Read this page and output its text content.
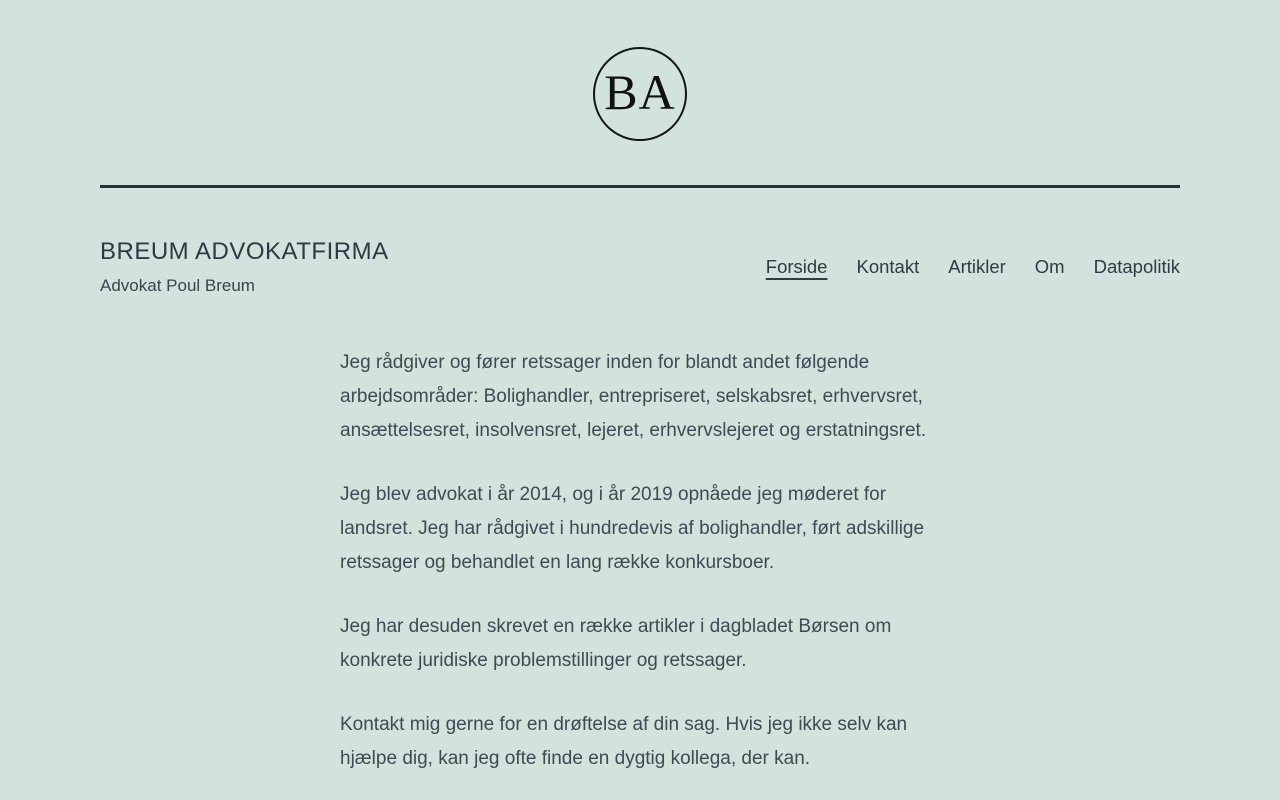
BA
BREUM ADVOKATFIRMA
Advokat Poul Breum
Forside Kontakt Artikler Om Datapolitik

Jeg rådgiver og fører retssager inden for blandt andet følgende arbejdsområder: Bolighandler, entrepriseret, selskabsret, erhvervsret, ansættelsesret, insolvensret, lejeret, erhvervslejeret og erstatningsret.

Jeg blev advokat i år 2014, og i år 2019 opnåede jeg møderet for landsret. Jeg har rådgivet i hundredevis af bolighandler, ført adskillige retssager og behandlet en lang række konkursboer.

Jeg har desuden skrevet en række artikler i dagbladet Børsen om konkrete juridiske problemstillinger og retssager.

Kontakt mig gerne for en drøftelse af din sag. Hvis jeg ikke selv kan hjælpe dig, kan jeg ofte finde en dygtig kollega, der kan.
